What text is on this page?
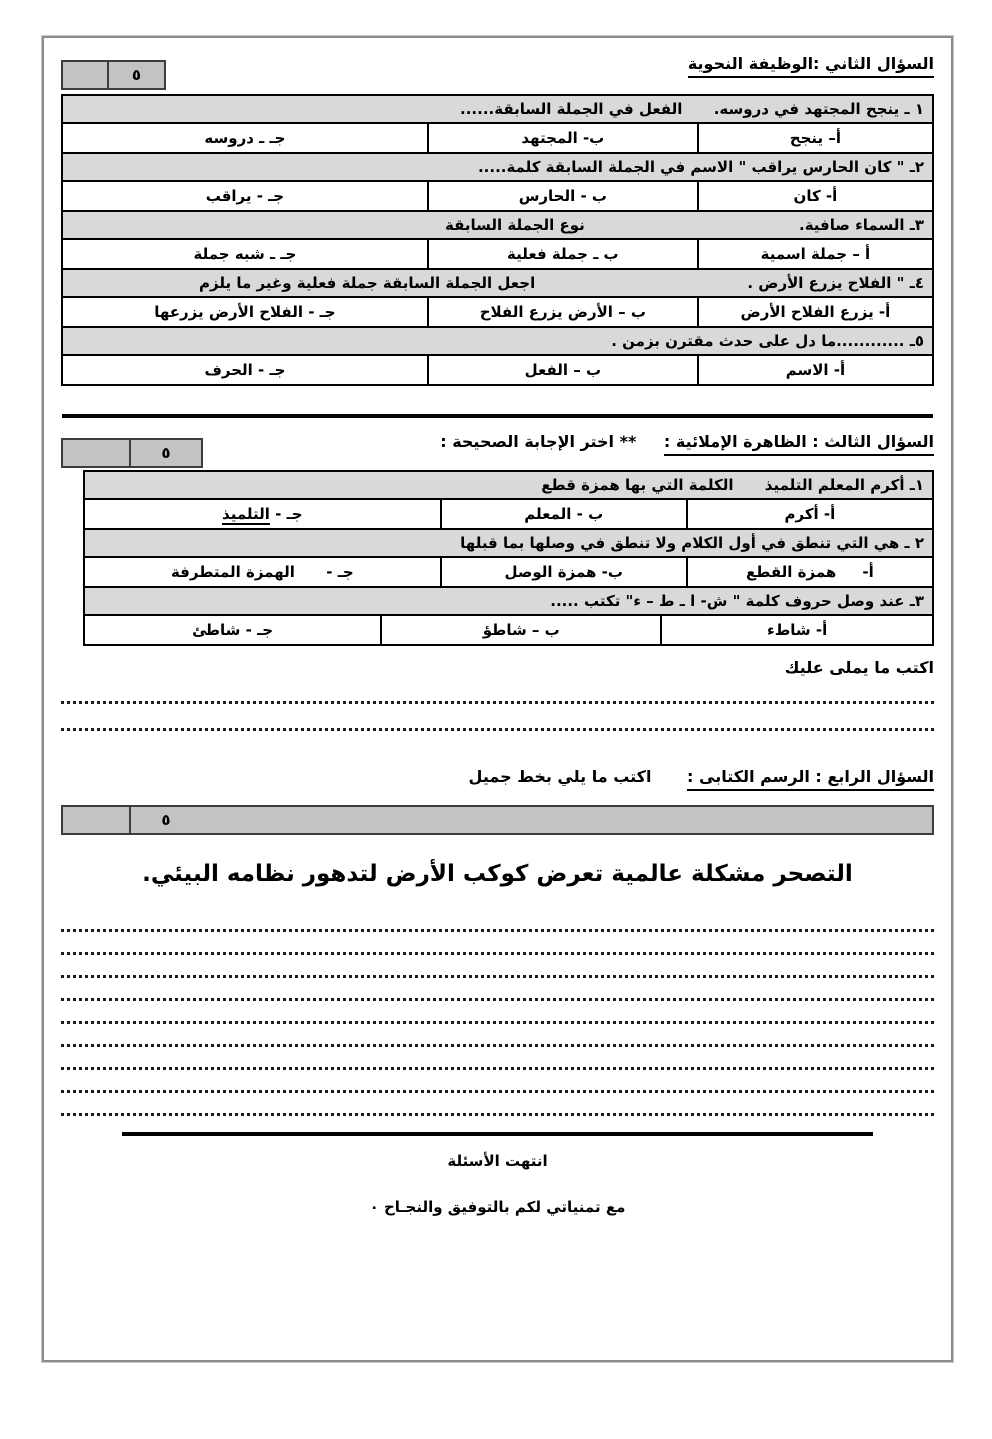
السؤال الثاني :الوظيفة النحوية
٥
١ ـ ينجح المجتهد في دروسه.      الفعل في الجملة السابقة......		
أ– ينجح	ب- المجتهد	جـ ـ دروسه
٢ـ " كان الحارس يراقب " الاسم في الجملة السابقة كلمة.....		
أ- كان	ب - الحارس	جـ - يراقب
٣ـ السماء صافية.
نوع الجملة السابقة		

أ – جملة اسمية	ب ـ جملة فعلية	جـ ـ شبه جملة
٤ـ " الفلاح يزرع الأرض .
اجعل الجملة السابقة جملة فعلية وغير ما يلزم		

أ- يزرع الفلاح الأرض	ب – الأرض يزرع الفلاح	جـ - الفلاح الأرض يزرعها
٥ـ ............ما دل على حدث مقترن بزمن .		
أ- الاسم	ب – الفعل	جـ - الحرف
السؤال الثالث : الظاهرة الإملائية : ** اختر الإجابة الصحيحة :
٥
١ـ أكرم المعلم التلميذ      الكلمة التي بها همزة قطع
أ- أكرم	ب - المعلم	جـ - التلميذ
٢ ـ هي التي تنطق في أول الكلام ولا تنطق في وصلها بما قبلها
أ-     همزة القطع	ب- همزة الوصل	جـ -      الهمزة المتطرفة
٣ـ عند وصل حروف كلمة " ش- ا ـ ط – ء" تكتب .....
أ- شاطء	ب – شاطؤ	جـ - شاطئ
اكتب ما يملى عليك
السؤال الرابع : الرسم الكتابى : اكتب ما يلي بخط جميل
٥
التصحر مشكلة عالمية تعرض كوكب الأرض لتدهور نظامه البيئي.
انتهت الأسئلة
مع تمنياتي لكم بالتوفيق والنجـاح ٠
